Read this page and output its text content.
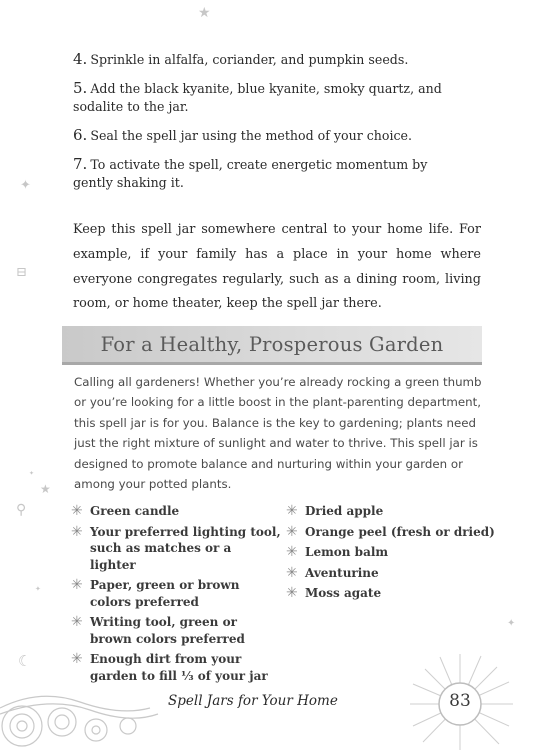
★
✦
⊟
★
✦
⚲
✦
☾
✦

4. Sprinkle in alfalfa, coriander, and pumpkin seeds.

5. Add the black kyanite, blue kyanite, smoky quartz, and sodalite to the jar.

6. Seal the spell jar using the method of your choice.

7. To activate the spell, create energetic momentum by gently shaking it.

Keep this spell jar somewhere central to your home life. For example, if your family has a place in your home where everyone congregates regularly, such as a dining room, living room, or home theater, keep the spell jar there.

For a Healthy, Prosperous Garden

Calling all gardeners! Whether you’re already rocking a green thumb or you’re looking for a little boost in the plant-parenting department, this spell jar is for you. Balance is the key to gardening; plants need just the right mixture of sunlight and water to thrive. This spell jar is designed to promote balance and nurturing within your garden or among your potted plants.

✳ Green candle
✳ Your preferred lighting tool, such as matches or a lighter
✳ Paper, green or brown colors preferred
✳ Writing tool, green or brown colors preferred
✳ Enough dirt from your garden to fill ⅓ of your jar
✳ Dried apple
✳ Orange peel (fresh or dried)
✳ Lemon balm
✳ Aventurine
✳ Moss agate
Spell Jars for Your Home	83
